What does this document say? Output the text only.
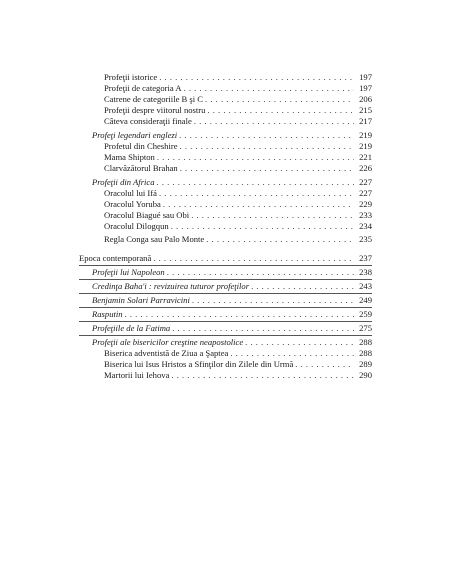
Profeţii istorice . . .	197
Profeţii de categoria A . . .	197
Catrene de categoriile B şi C . . .	206
Profeţii despre viitorul nostru . . .	215
Câteva consideraţii finale . . .	217
Profeţi legendari englezi . . .	219
Profetul din Cheshire . . .	219
Mama Shipton . . .	221
Clarvăzătorul Brahan . . .	226
Profeţii din Africa . . .	227
Oracolul lui Ifá . . .	227
Oracolul Yoruba . . .	229
Oracolul Biagué sau Obi . . .	233
Oracolul Dilogqun . . .	234
Regla Conga sau Palo Monte . . .	235
Epoca contemporană . . .	237
Profeţii lui Napoleon . . .	238
Credinţa Baha'i : revizuirea tuturor profeţilor . . .	243
Benjamin Solari Parravicini . . .	249
Rasputin . . .	259
Profeţiile de la Fatima . . .	275
Profeţii ale bisericilor creştine neapostolice . . .	288
Biserica adventistă de Ziua a Şaptea . . .	288
Biserica lui Isus Hristos a Sfinţilor din Zilele din Urmă . . .	289
Martorii lui Iehova . . .	290
